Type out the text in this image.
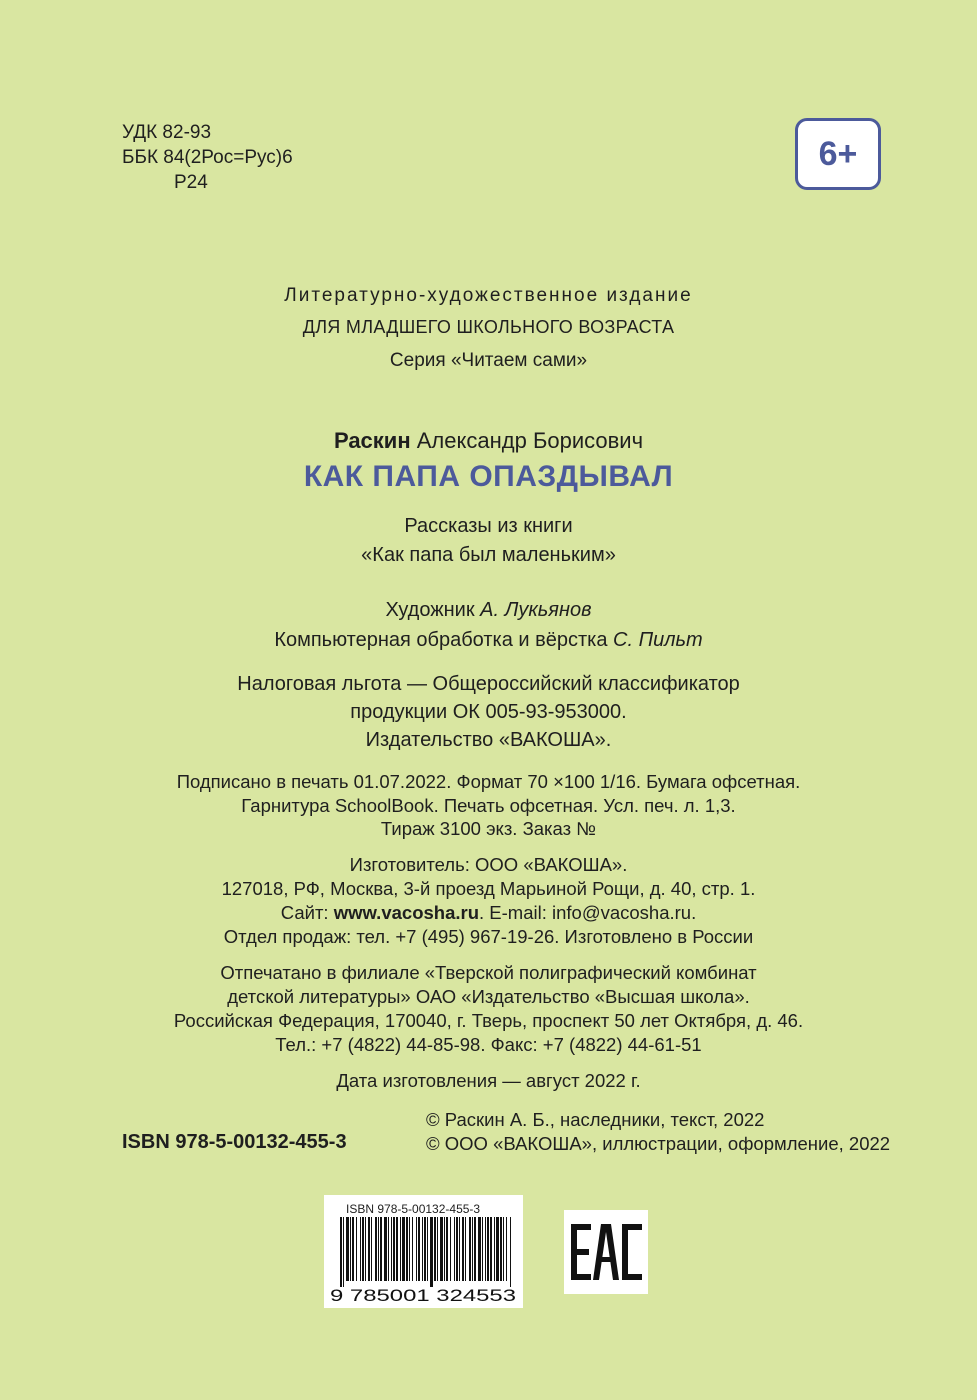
УДК 82-93
ББК 84(2Рос=Рус)6
Р24
6+
Литературно-художественное издание
ДЛЯ МЛАДШЕГО ШКОЛЬНОГО ВОЗРАСТА
Серия «Читаем сами»
Раскин Александр Борисович
КАК ПАПА ОПАЗДЫВАЛ
Рассказы из книги
«Как папа был маленьким»
Художник А. Лукьянов
Компьютерная обработка и вёрстка С. Пильт
Налоговая льгота — Общероссийский классификатор
продукции ОК 005-93-953000.
Издательство «ВАКОША».
Подписано в печать 01.07.2022. Формат 70 ×100 1/16. Бумага офсетная.
Гарнитура SchoolBook. Печать офсетная. Усл. печ. л. 1,3.
Тираж 3100 экз. Заказ №
Изготовитель: ООО «ВАКОША».
127018, РФ, Москва, 3-й проезд Марьиной Рощи, д. 40, стр. 1.
Сайт: www.vacosha.ru. E-mail: info@vacosha.ru.
Отдел продаж: тел. +7 (495) 967-19-26. Изготовлено в России
Отпечатано в филиале «Тверской полиграфический комбинат
детской литературы» ОАО «Издательство «Высшая школа».
Российская Федерация, 170040, г. Тверь, проспект 50 лет Октября, д. 46.
Тел.: +7 (4822) 44-85-98. Факс: +7 (4822) 44-61-51
Дата изготовления — август 2022 г.
ISBN 978-5-00132-455-3
© Раскин А. Б., наследники, текст, 2022
© ООО «ВАКОША», иллюстрации, оформление, 2022
ISBN 978-5-00132-455-3
9 785001 324553
